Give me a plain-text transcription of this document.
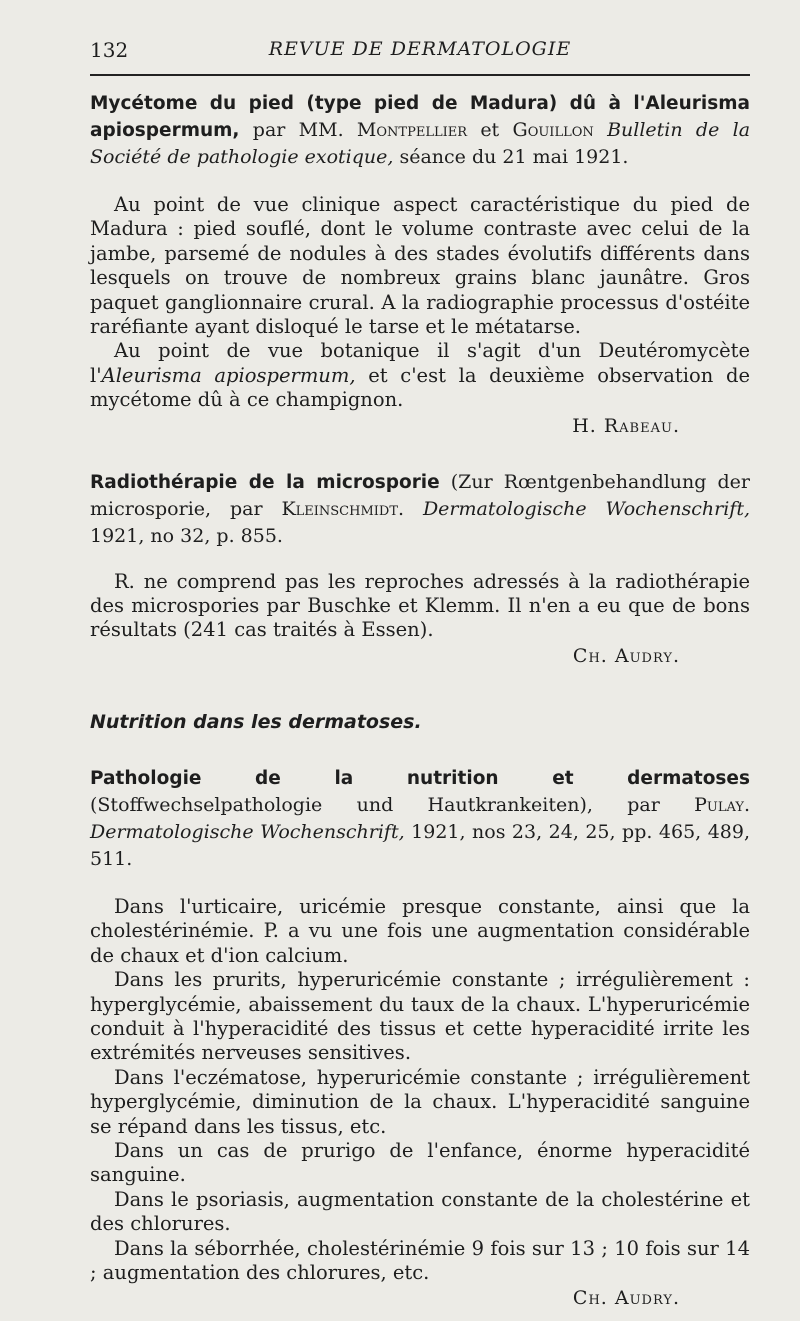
132	REVUE DE DERMATOLOGIE

Mycétome du pied (type pied de Madura) dû à l'Aleurisma apiospermum, par MM. Montpellier et Gouillon Bulletin de la Société de pathologie exotique, séance du 21 mai 1921.

Au point de vue clinique aspect caractéristique du pied de Madura : pied souflé, dont le volume contraste avec celui de la jambe, parsemé de nodules à des stades évolutifs différents dans lesquels on trouve de nombreux grains blanc jaunâtre. Gros paquet ganglionnaire crural. A la radiographie processus d'ostéite raréfiante ayant disloqué le tarse et le métatarse.

Au point de vue botanique il s'agit d'un Deutéromycète l'Aleurisma apiospermum, et c'est la deuxième observation de mycétome dû à ce champignon.

H. Rabeau.

Radiothérapie de la microsporie (Zur Rœntgenbehandlung der microsporie, par Kleinschmidt. Dermatologische Wochenschrift, 1921, no 32, p. 855.

R. ne comprend pas les reproches adressés à la radiothérapie des microspories par Buschke et Klemm. Il n'en a eu que de bons résultats (241 cas traités à Essen).

Ch. Audry.

Nutrition dans les dermatoses.

Pathologie de la nutrition et dermatoses (Stoffwechselpathologie und Hautkrankeiten), par Pulay. Dermatologische Wochenschrift, 1921, nos 23, 24, 25, pp. 465, 489, 511.

Dans l'urticaire, uricémie presque constante, ainsi que la cholestérinémie. P. a vu une fois une augmentation considérable de chaux et d'ion calcium.

Dans les prurits, hyperuricémie constante ; irrégulièrement : hyperglycémie, abaissement du taux de la chaux. L'hyperuricémie conduit à l'hyperacidité des tissus et cette hyperacidité irrite les extrémités nerveuses sensitives.

Dans l'eczématose, hyperuricémie constante ; irrégulièrement hyperglycémie, diminution de la chaux. L'hyperacidité sanguine se répand dans les tissus, etc.

Dans un cas de prurigo de l'enfance, énorme hyperacidité sanguine.

Dans le psoriasis, augmentation constante de la cholestérine et des chlorures.

Dans la séborrhée, cholestérinémie 9 fois sur 13 ; 10 fois sur 14 ; augmentation des chlorures, etc.

Ch. Audry.
